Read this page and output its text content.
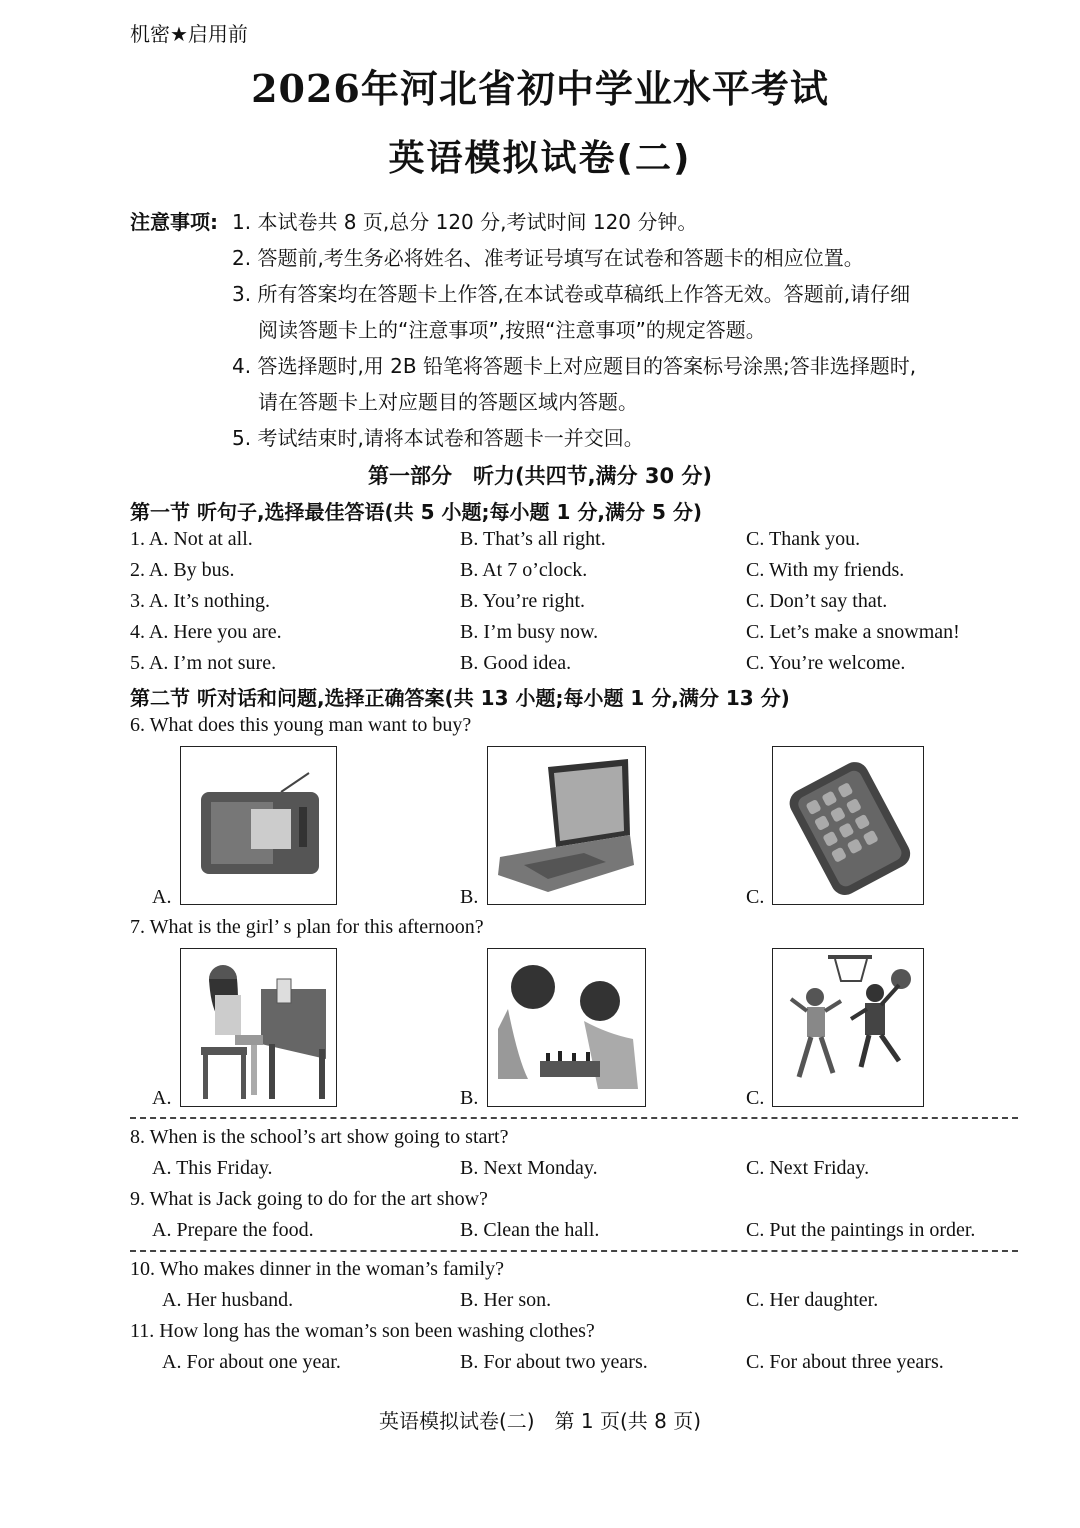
机密★启用前
2026年河北省初中学业水平考试
英语模拟试卷(二)
注意事项: 1. 本试卷共 8 页,总分 120 分,考试时间 120 分钟。
2. 答题前,考生务必将姓名、准考证号填写在试卷和答题卡的相应位置。
3. 所有答案均在答题卡上作答,在本试卷或草稿纸上作答无效。答题前,请仔细
阅读答题卡上的“注意事项”,按照“注意事项”的规定答题。
4. 答选择题时,用 2B 铅笔将答题卡上对应题目的答案标号涂黑;答非选择题时,
请在答题卡上对应题目的答题区域内答题。
5. 考试结束时,请将本试卷和答题卡一并交回。
第一部分　听力(共四节,满分 30 分)
第一节 听句子,选择最佳答语(共 5 小题;每小题 1 分,满分 5 分)
1. A. Not at all.	B. That’s all right.	C. Thank you.
2. A. By bus.	B. At 7 o’clock.	C. With my friends.
3. A. It’s nothing.	B. You’re right.	C. Don’t say that.
4. A. Here you are.	B. I’m busy now.	C. Let’s make a snowman!
5. A. I’m not sure.	B. Good idea.	C. You’re welcome.
第二节 听对话和问题,选择正确答案(共 13 小题;每小题 1 分,满分 13 分)
6. What does this young man want to buy?
A.	B.	C.
7. What is the girl’ s plan for this afternoon?
A.	B.	C.
8. When is the school’s art show going to start?
A. This Friday.	B. Next Monday.	C. Next Friday.
9. What is Jack going to do for the art show?
A. Prepare the food.	B. Clean the hall.	C. Put the paintings in order.
10. Who makes dinner in the woman’s family?
A. Her husband.	B. Her son.	C. Her daughter.
11. How long has the woman’s son been washing clothes?
A. For about one year.	B. For about two years.	C. For about three years.
英语模拟试卷(二)　第 1 页(共 8 页)
